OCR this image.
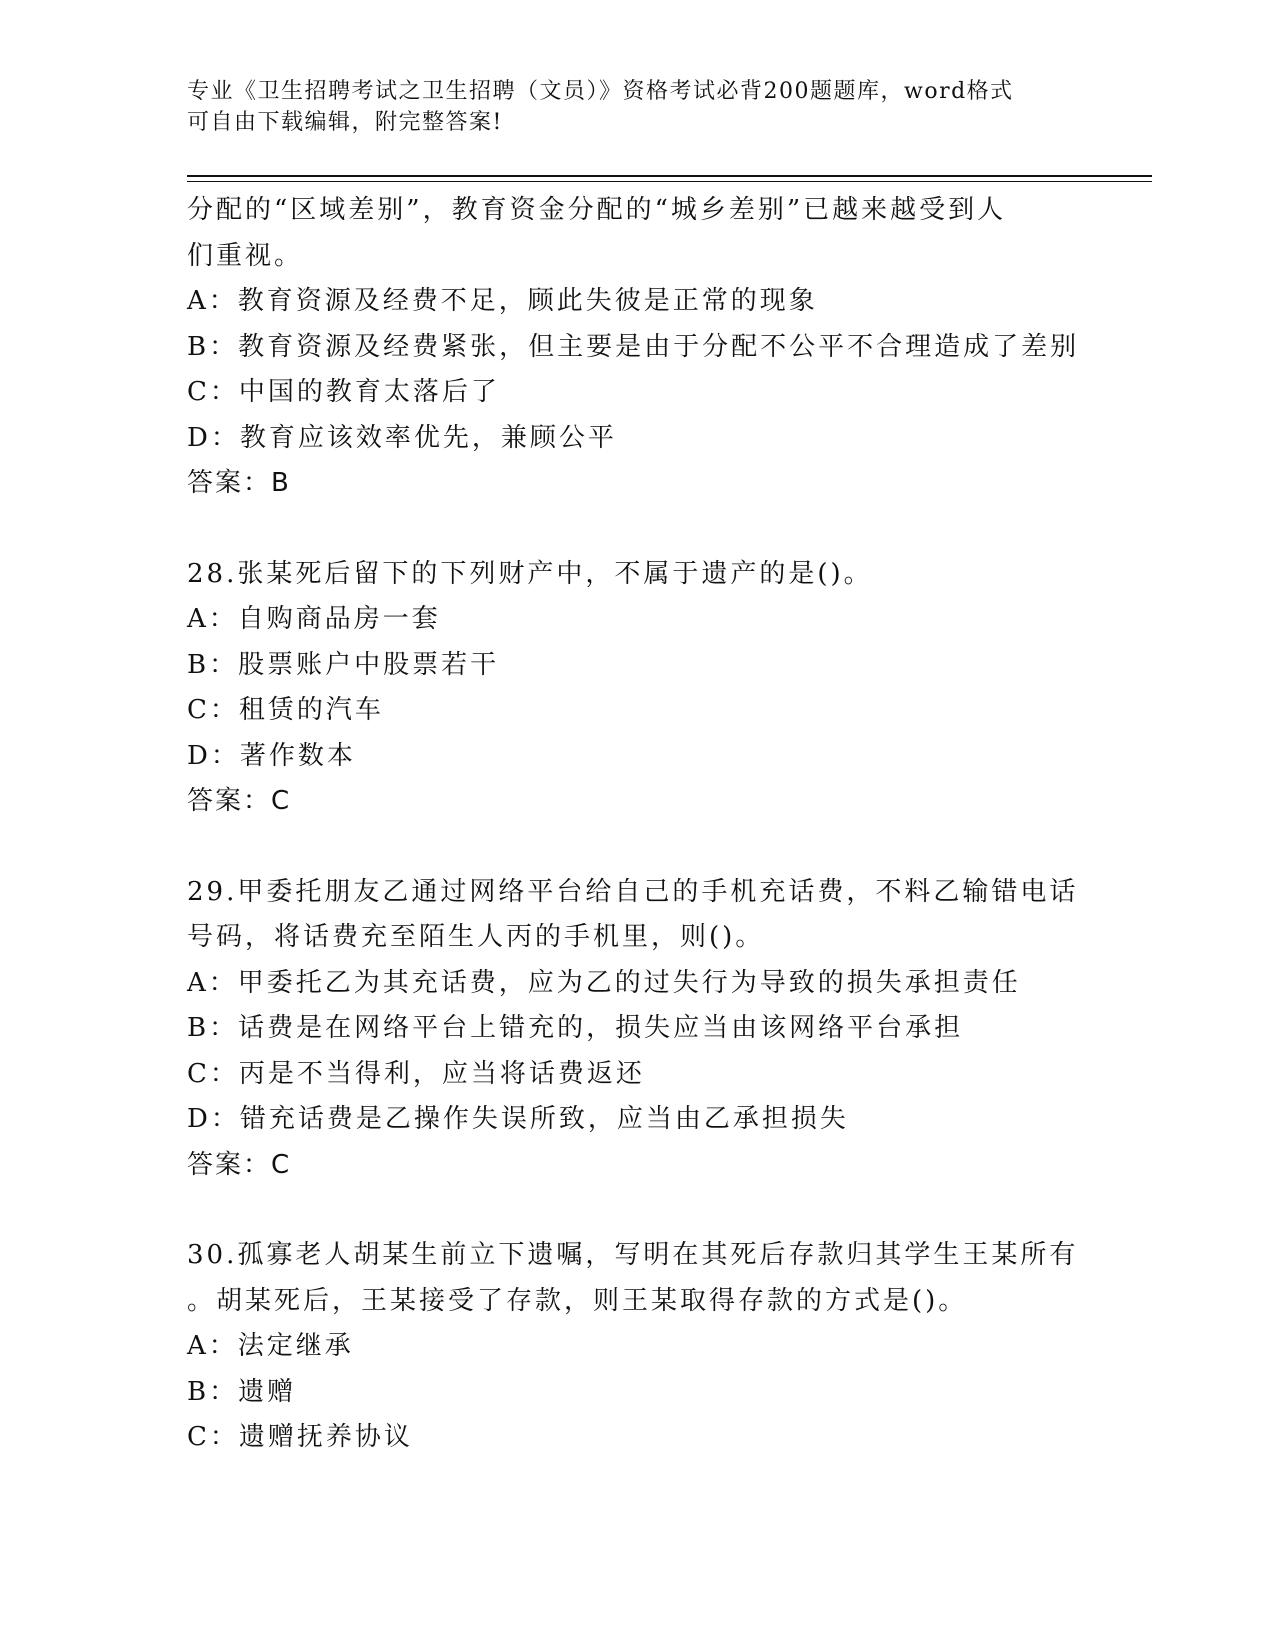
专业《卫生招聘考试之卫生招聘（文员）》资格考试必背200题题库，word格式
可自由下载编辑，附完整答案!
分配的“区域差别”，教育资金分配的“城乡差别”已越来越受到人
们重视。
A：教育资源及经费不足，顾此失彼是正常的现象
B：教育资源及经费紧张，但主要是由于分配不公平不合理造成了差别
C：中国的教育太落后了
D：教育应该效率优先，兼顾公平
答案：B
28.张某死后留下的下列财产中，不属于遗产的是()。
A：自购商品房一套
B：股票账户中股票若干
C：租赁的汽车
D：著作数本
答案：C
29.甲委托朋友乙通过网络平台给自己的手机充话费，不料乙输错电话
号码，将话费充至陌生人丙的手机里，则()。
A：甲委托乙为其充话费，应为乙的过失行为导致的损失承担责任
B：话费是在网络平台上错充的，损失应当由该网络平台承担
C：丙是不当得利，应当将话费返还
D：错充话费是乙操作失误所致，应当由乙承担损失
答案：C
30.孤寡老人胡某生前立下遗嘱，写明在其死后存款归其学生王某所有
。胡某死后，王某接受了存款，则王某取得存款的方式是()。
A：法定继承
B：遗赠
C：遗赠抚养协议
